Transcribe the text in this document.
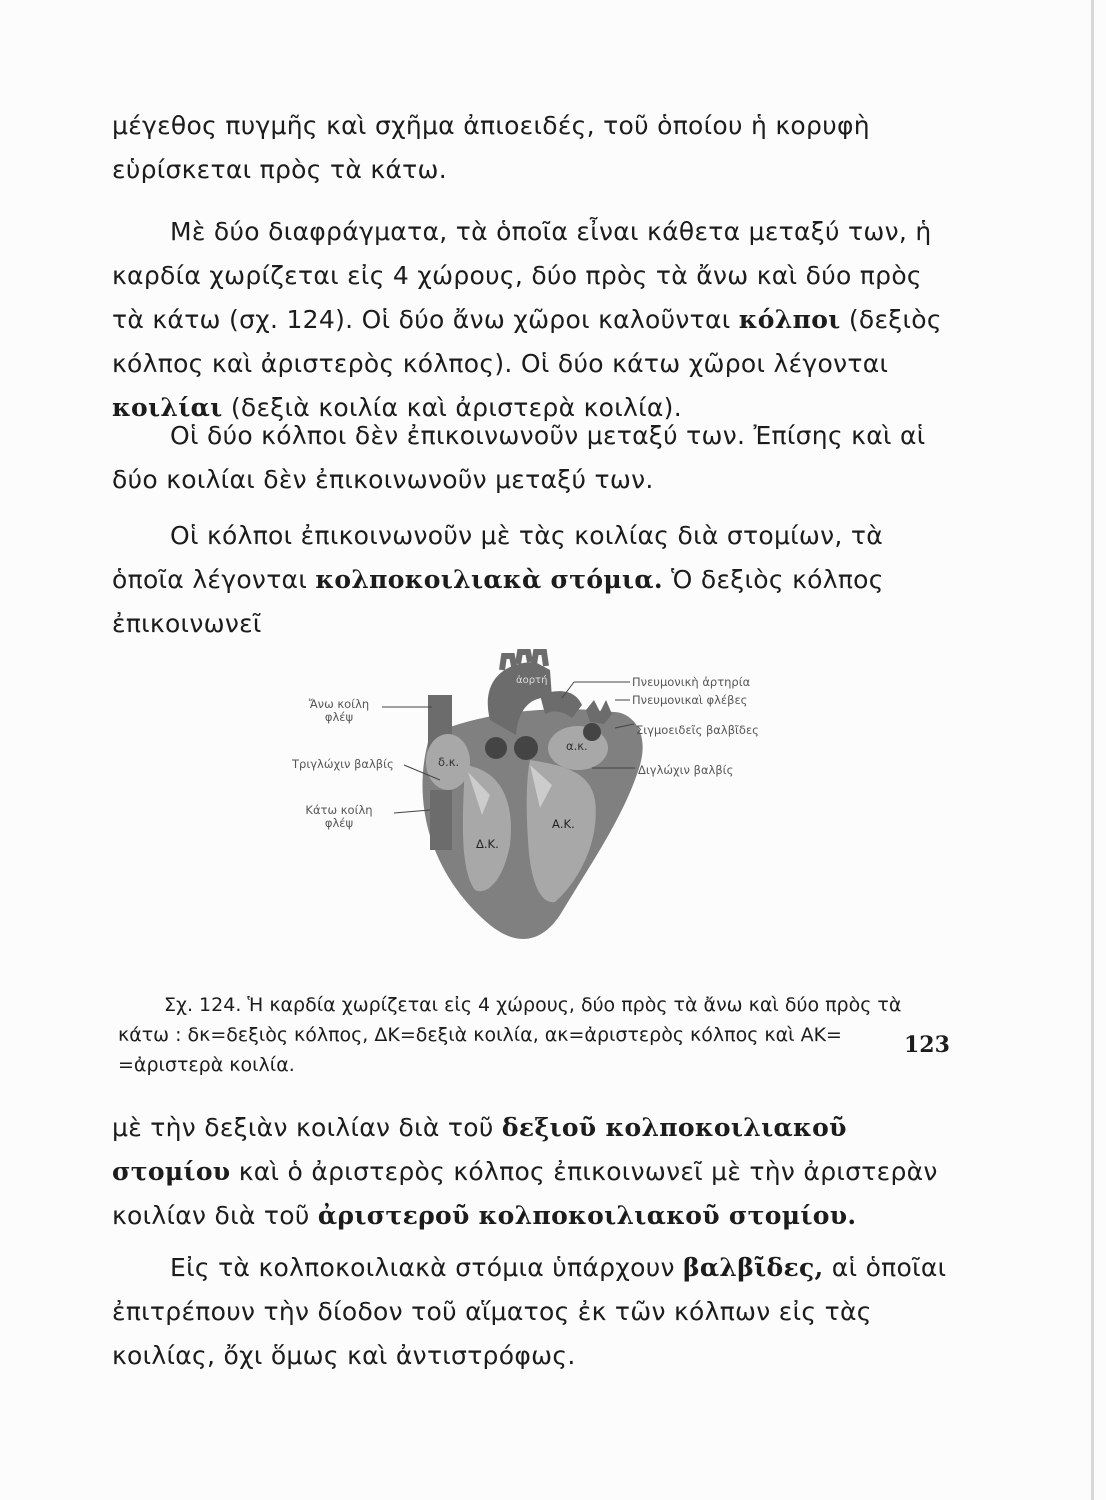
μέγεθος πυγμῆς καὶ σχῆμα ἀπιοειδές, τοῦ ὁποίου ἡ κορυφὴ εὑρίσκεται πρὸς τὰ κάτω.
Μὲ δύο διαφράγματα, τὰ ὁποῖα εἶναι κάθετα μεταξύ των, ἡ καρδία χωρίζεται εἰς 4 χώρους, δύο πρὸς τὰ ἄνω καὶ δύο πρὸς τὰ κάτω (σχ. 124). Οἱ δύο ἄνω χῶροι καλοῦνται κόλποι (δεξιὸς κόλπος καὶ ἀριστερὸς κόλπος). Οἱ δύο κάτω χῶροι λέγονται κοιλίαι (δεξιὰ κοιλία καὶ ἀριστερὰ κοιλία).
Οἱ δύο κόλποι δὲν ἐπικοινωνοῦν μεταξύ των. Ἐπίσης καὶ αἱ δύο κοιλίαι δὲν ἐπικοινωνοῦν μεταξύ των.
Οἱ κόλποι ἐπικοινωνοῦν μὲ τὰς κοιλίας διὰ στομίων, τὰ ὁποῖα λέγονται κολποκοιλιακὰ στόμια. Ὁ δεξιὸς κόλπος ἐπικοινωνεῖ
Ἄνω κοίλη
φλέψ
Τριγλώχιν βαλβίς
Κάτω κοίλη
φλέψ
Πνευμονικὴ ἀρτηρία
Πνευμονικαὶ φλέβες
Σιγμοειδεῖς βαλβῖδες
Διγλώχιν βαλβίς
ἀορτή
δ.κ.
α.κ.
Δ.Κ.
Α.Κ.
Σχ. 124. Ἡ καρδία χωρίζεται εἰς 4 χώρους, δύο πρὸς τὰ ἄνω καὶ δύο πρὸς τὰ κάτω : δκ=δεξιὸς κόλπος, ΔΚ=δεξιὰ κοιλία, ακ=ἀριστερὸς κόλπος καὶ ΑΚ= =ἀριστερὰ κοιλία.
μὲ τὴν δεξιὰν κοιλίαν διὰ τοῦ δεξιοῦ κολποκοιλιακοῦ στομίου καὶ ὁ ἀριστερὸς κόλπος ἐπικοινωνεῖ μὲ τὴν ἀριστερὰν κοιλίαν διὰ τοῦ ἀριστεροῦ κολποκοιλιακοῦ στομίου.
Εἰς τὰ κολποκοιλιακὰ στόμια ὑπάρχουν βαλβῖδες, αἱ ὁποῖαι ἐπιτρέπουν τὴν δίοδον τοῦ αἵματος ἐκ τῶν κόλπων εἰς τὰς κοιλίας, ὄχι ὅμως καὶ ἀντιστρόφως.
123
